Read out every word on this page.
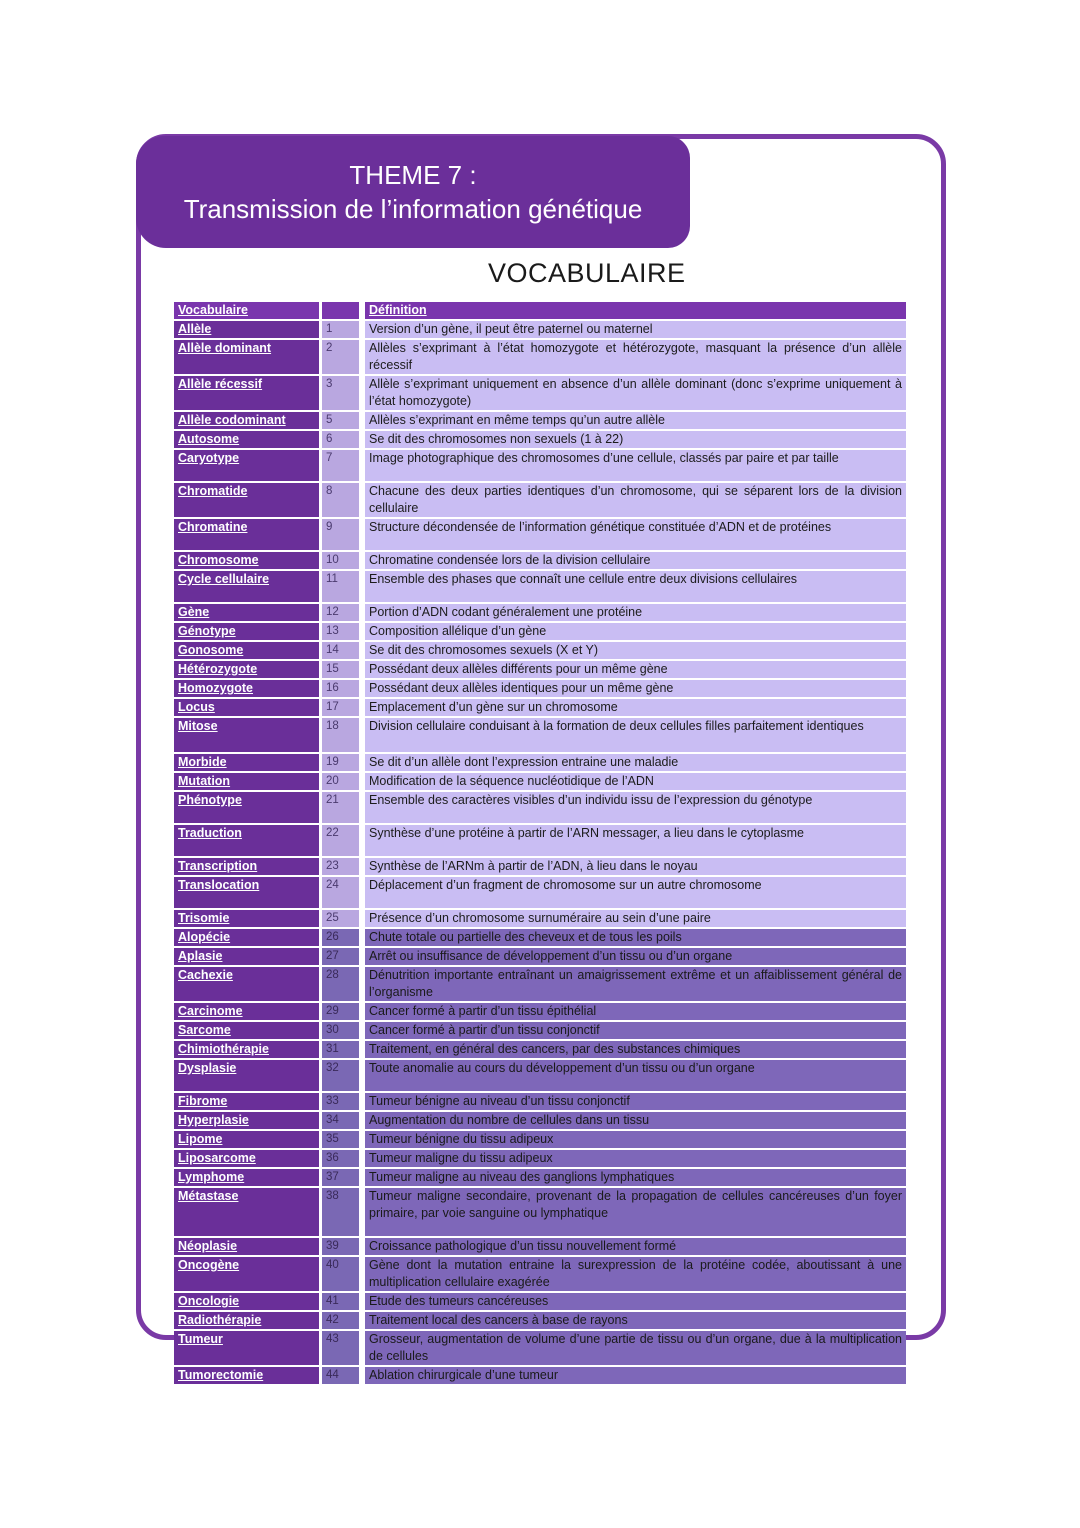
THEME 7 :
Transmission de l’information génétique
VOCABULAIRE
Vocabulaire				Définition
Allèle		1		Version d’un gène, il peut être paternel ou maternel
Allèle dominant		2		Allèles s’exprimant à l’état homozygote et hétérozygote, masquant la présence d’un allèle récessif
Allèle récessif		3		Allèle s’exprimant uniquement en absence d’un allèle dominant (donc s’exprime uniquement à l’état homozygote)
Allèle codominant		5		Allèles s’exprimant en même temps qu’un autre allèle
Autosome		6		Se dit des chromosomes non sexuels (1 à 22)
Caryotype		7		Image photographique des chromosomes d’une cellule, classés par paire et par taille
Chromatide		8		Chacune des deux parties identiques d’un chromosome, qui se séparent lors de la division cellulaire
Chromatine		9		Structure décondensée de l’information génétique constituée d’ADN et de protéines
Chromosome		10		Chromatine condensée lors de la division cellulaire
Cycle cellulaire		11		Ensemble des phases que connaît une cellule entre deux divisions cellulaires
Gène		12		Portion d’ADN codant généralement une protéine
Génotype		13		Composition allélique d’un gène
Gonosome		14		Se dit des chromosomes sexuels (X et Y)
Hétérozygote		15		Possédant deux allèles différents pour un même gène
Homozygote		16		Possédant deux allèles identiques pour un même gène
Locus		17		Emplacement d’un gène sur un chromosome
Mitose		18		Division cellulaire conduisant à la formation de deux cellules filles parfaitement identiques
Morbide		19		Se dit d’un allèle dont l’expression entraine une maladie
Mutation		20		Modification de la séquence nucléotidique de l’ADN
Phénotype		21		Ensemble des caractères visibles d’un individu issu de l’expression du génotype
Traduction		22		Synthèse d’une protéine à partir de l’ARN messager, a lieu dans le cytoplasme
Transcription		23		Synthèse de l’ARNm à partir de l’ADN, à lieu dans le noyau
Translocation		24		Déplacement d’un fragment de chromosome sur un autre chromosome
Trisomie		25		Présence d’un chromosome surnuméraire au sein d’une paire
Alopécie		26		Chute totale ou partielle des cheveux et de tous les poils
Aplasie		27		Arrêt ou insuffisance de développement d’un tissu ou d’un organe
Cachexie		28		Dénutrition importante entraînant un amaigrissement extrême et un affaiblissement général de l’organisme
Carcinome		29		Cancer formé à partir d’un tissu épithélial
Sarcome		30		Cancer formé à partir d’un tissu conjonctif
Chimiothérapie		31		Traitement, en général des cancers, par des substances chimiques
Dysplasie		32		Toute anomalie au cours du développement d’un tissu ou d’un organe
Fibrome		33		Tumeur bénigne au niveau d’un tissu conjonctif
Hyperplasie		34		Augmentation du nombre de cellules dans un tissu
Lipome		35		Tumeur bénigne du tissu adipeux
Liposarcome		36		Tumeur maligne du tissu adipeux
Lymphome		37		Tumeur maligne au niveau des ganglions lymphatiques
Métastase		38		Tumeur maligne secondaire, provenant de la propagation de cellules cancéreuses d’un foyer primaire, par voie sanguine ou lymphatique
Néoplasie		39		Croissance pathologique d’un tissu nouvellement formé
Oncogène		40		Gène dont la mutation entraine la surexpression de la protéine codée, aboutissant à une multiplication cellulaire exagérée
Oncologie		41		Etude des tumeurs cancéreuses
Radiothérapie		42		Traitement local des cancers à base de rayons
Tumeur		43		Grosseur, augmentation de volume d’une partie de tissu ou d’un organe, due à la multiplication de cellules
Tumorectomie		44		Ablation chirurgicale d’une tumeur
